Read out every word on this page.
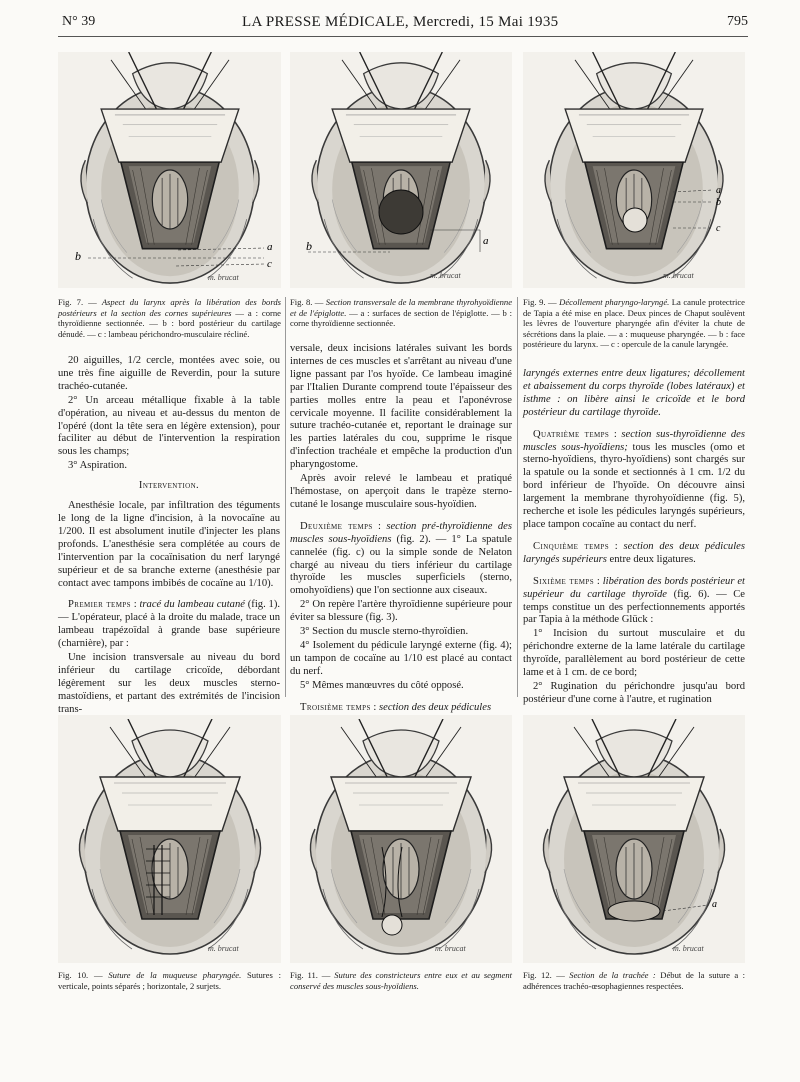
N° 39	LA PRESSE MÉDICALE, Mercredi, 15 Mai 1935	795
b
a
c
m. brucat
b	a
m. brucat
a
b
c
m. brucat
Fig. 7. — Aspect du larynx après la libération des bords postérieurs et la section des cornes supérieures — a : corne thyroïdienne sectionnée. — b : bord postérieur du cartilage dénudé. — c : lambeau périchondro-musculaire récliné.
Fig. 8. — Section transversale de la membrane thyrohyoïdienne et de l'épiglotte. — a : surfaces de section de l'épiglotte. — b : corne thyroïdienne sectionnée.
Fig. 9. — Décollement pharyngo-laryngé. La canule protectrice de Tapia a été mise en place. Deux pinces de Chaput soulèvent les lèvres de l'ouverture pharyngée afin d'éviter la chute de sécrétions dans la plaie. — a : muqueuse pharyngée. — b : face postérieure du larynx. — c : opercule de la canule laryngée.

20 aiguilles, 1/2 cercle, montées avec soie, ou une très fine aiguille de Reverdin, pour la suture trachéo-cutanée.

2° Un arceau métallique fixable à la table d'opération, au niveau et au-dessus du menton de l'opéré (dont la tête sera en légère extension), pour faciliter au début de l'intervention la respiration sous les champs;

3° Aspiration.

Intervention.

Anesthésie locale, par infiltration des téguments le long de la ligne d'incision, à la novocaïne au 1/200. Il est absolument inutile d'injecter les plans profonds. L'anesthésie sera complétée au cours de l'intervention par la cocaïnisation du nerf laryngé supérieur et de sa branche externe (anesthésie par contact avec tampons imbibés de cocaïne au 1/10).

Premier temps : tracé du lambeau cutané (fig. 1). — L'opérateur, placé à la droite du malade, trace un lambeau trapézoïdal à grande base supérieure (charnière), par :

Une incision transversale au niveau du bord inférieur du cartilage cricoïde, débordant légèrement sur les deux muscles sterno-mastoïdiens, et partant des extrémités de l'incision trans-

versale, deux incisions latérales suivant les bords internes de ces muscles et s'arrêtant au niveau d'une ligne passant par l'os hyoïde. Ce lambeau imaginé par l'Italien Durante comprend toute l'épaisseur des parties molles entre la peau et l'aponévrose cervicale moyenne. Il facilite considérablement la suture trachéo-cutanée et, reportant le drainage sur les parties latérales du cou, supprime le risque d'infection trachéale et empêche la production d'un pharyngostome.

Après avoir relevé le lambeau et pratiqué l'hémostase, on aperçoit dans le trapèze sterno-cutané le losange musculaire sous-hyoïdien.

Deuxième temps : section pré-thyroïdienne des muscles sous-hyoïdiens (fig. 2). — 1° La spatule cannelée (fig. c) ou la simple sonde de Nelaton chargé au niveau du tiers inférieur du cartilage thyroïde les muscles superficiels (sterno, omohyoïdiens) que l'on sectionne aux ciseaux.

2° On repère l'artère thyroïdienne supérieure pour éviter sa blessure (fig. 3).

3° Section du muscle sterno-thyroïdien.

4° Isolement du pédicule laryngé externe (fig. 4); un tampon de cocaïne au 1/10 est placé au contact du nerf.

5° Mêmes manœuvres du côté opposé.

Troisième temps : section des deux pédicules

laryngés externes entre deux ligatures; décollement et abaissement du corps thyroïde (lobes latéraux) et isthme : on libère ainsi le cricoïde et le bord postérieur du cartilage thyroïde.

Quatrième temps : section sus-thyroïdienne des muscles sous-hyoïdiens; tous les muscles (omo et sterno-hyoïdiens, thyro-hyoïdiens) sont chargés sur la spatule ou la sonde et sectionnés à 1 cm. 1/2 du bord inférieur de l'hyoïde. On découvre ainsi largement la membrane thyrohyoïdienne (fig. 5), recherche et isole les pédicules laryngés supérieurs, place tampon cocaïne au contact du nerf.

Cinquième temps : section des deux pédicules laryngés supérieurs entre deux ligatures.

Sixième temps : libération des bords postérieur et supérieur du cartilage thyroïde (fig. 6). — Ce temps constitue un des perfectionnements apportés par Tapia à la méthode Glück :

1° Incision du surtout musculaire et du périchondre externe de la lame latérale du cartilage thyroïde, parallèlement au bord postérieur de cette lame et à 1 cm. de ce bord;

2° Rugination du périchondre jusqu'au bord postérieur d'une corne à l'autre, et rugination

m. brucat	m. brucat
a
m. brucat
Fig. 10. — Suture de la muqueuse pharyngée. Sutures : verticale, points séparés ; horizontale, 2 surjets.
Fig. 11. — Suture des constricteurs entre eux et au segment conservé des muscles sous-hyoïdiens.
Fig. 12. — Section de la trachée : Début de la suture a : adhérences trachéo-œsophagiennes respectées.
